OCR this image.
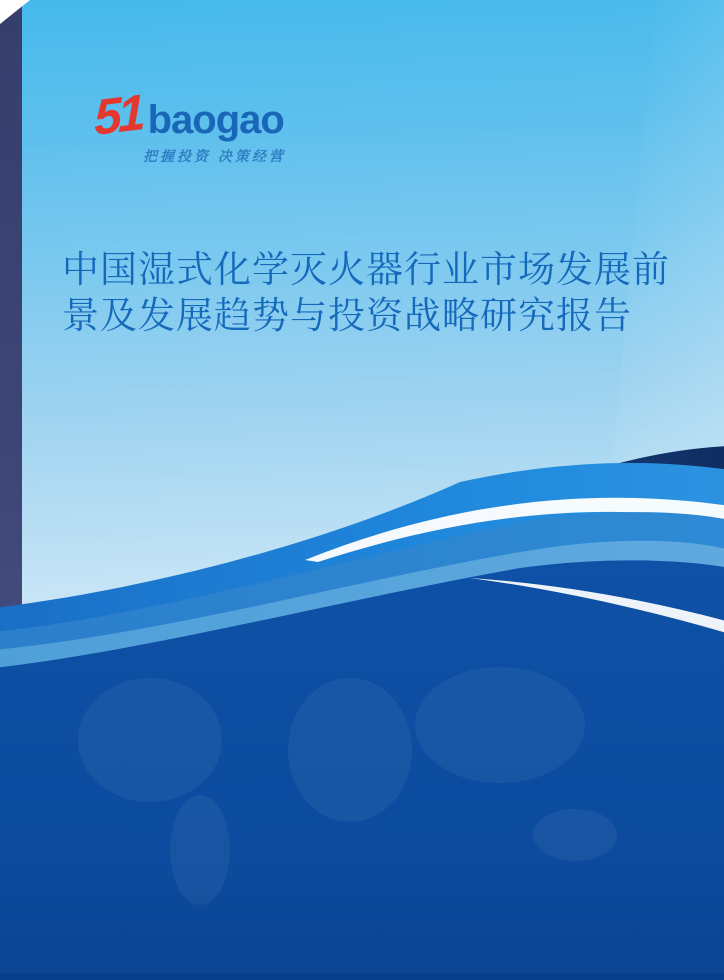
51 baogao
把握投资 决策经营
中国湿式化学灭火器行业市场发展前
景及发展趋势与投资战略研究报告
